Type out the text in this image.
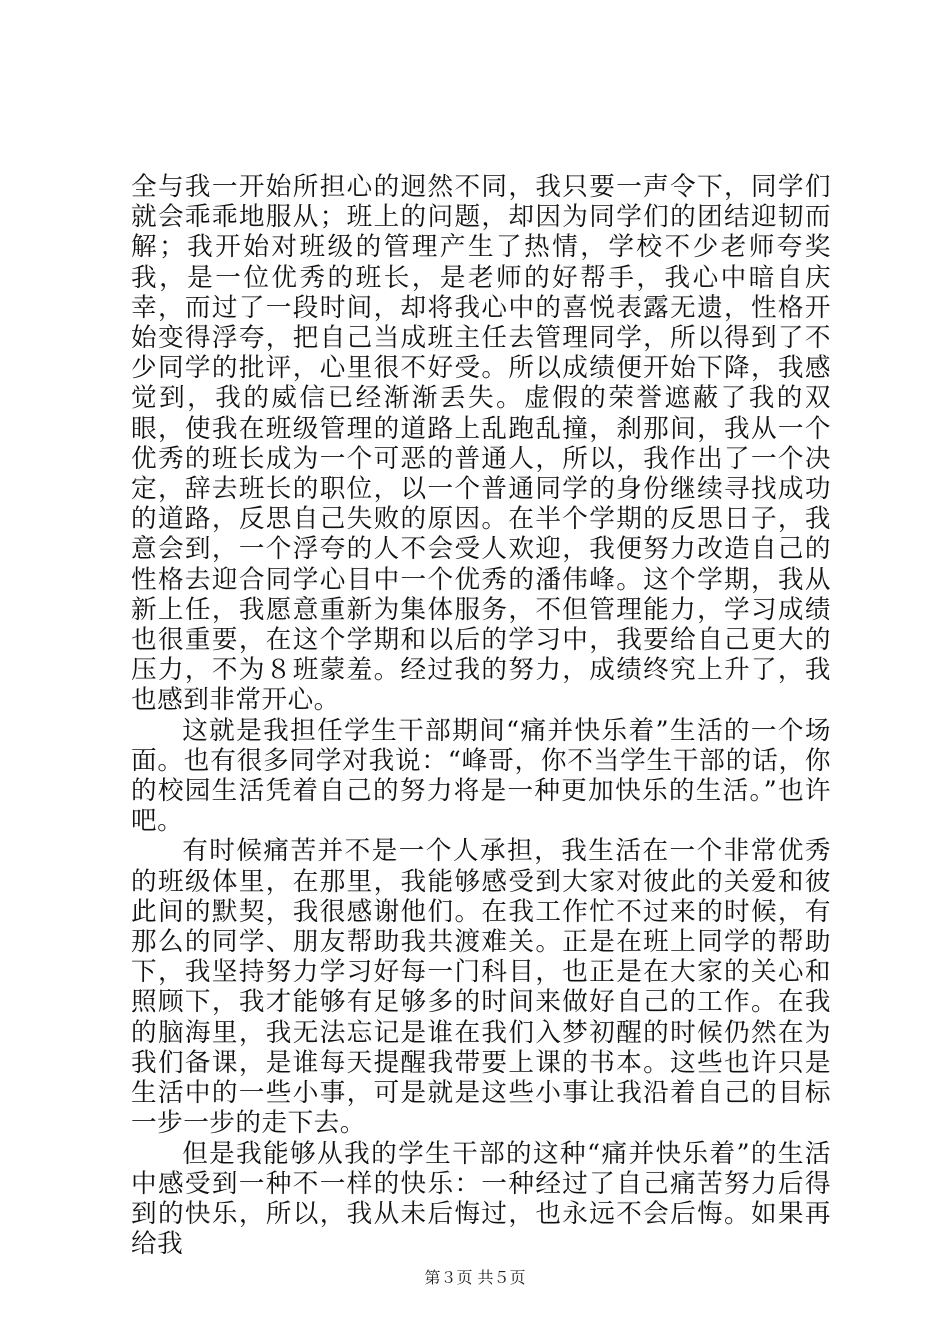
全与我一开始所担心的迥然不同，我只要一声令下，同学们就会乖乖地服从；班上的问题，却因为同学们的团结迎韧而解；我开始对班级的管理产生了热情，学校不少老师夸奖我，是一位优秀的班长，是老师的好帮手，我心中暗自庆幸，而过了一段时间，却将我心中的喜悦表露无遗，性格开始变得浮夸，把自己当成班主任去管理同学，所以得到了不少同学的批评，心里很不好受。所以成绩便开始下降，我感觉到，我的威信已经渐渐丢失。虚假的荣誉遮蔽了我的双眼，使我在班级管理的道路上乱跑乱撞，刹那间，我从一个优秀的班长成为一个可恶的普通人，所以，我作出了一个决定，辞去班长的职位，以一个普通同学的身份继续寻找成功的道路，反思自己失败的原因。在半个学期的反思日子，我意会到，一个浮夸的人不会受人欢迎，我便努力改造自己的性格去迎合同学心目中一个优秀的潘伟峰。这个学期，我从新上任，我愿意重新为集体服务，不但管理能力，学习成绩也很重要，在这个学期和以后的学习中，我要给自己更大的压力，不为８班蒙羞。经过我的努力，成绩终究上升了，我也感到非常开心。

这就是我担任学生干部期间“痛并快乐着”生活的一个场面。也有很多同学对我说：“峰哥，你不当学生干部的话，你的校园生活凭着自己的努力将是一种更加快乐的生活。”也许吧。

有时候痛苦并不是一个人承担，我生活在一个非常优秀的班级体里，在那里，我能够感受到大家对彼此的关爱和彼此间的默契，我很感谢他们。在我工作忙不过来的时候，有那么的同学、朋友帮助我共渡难关。正是在班上同学的帮助下，我坚持努力学习好每一门科目，也正是在大家的关心和照顾下，我才能够有足够多的时间来做好自己的工作。在我的脑海里，我无法忘记是谁在我们入梦初醒的时候仍然在为我们备课，是谁每天提醒我带要上课的书本。这些也许只是生活中的一些小事，可是就是这些小事让我沿着自己的目标一步一步的走下去。

但是我能够从我的学生干部的这种“痛并快乐着”的生活中感受到一种不一样的快乐：一种经过了自己痛苦努力后得到的快乐，所以，我从未后悔过，也永远不会后悔。如果再给我

第３页 共５页
